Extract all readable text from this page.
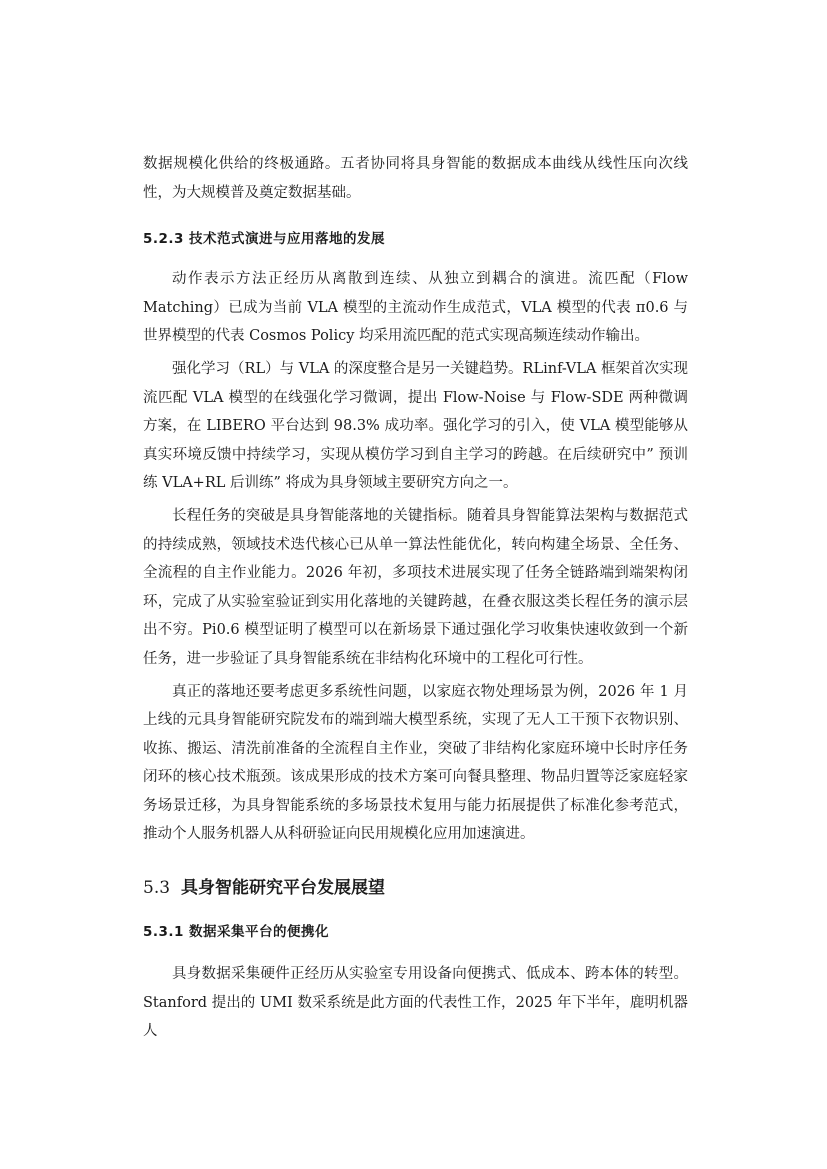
数据规模化供给的终极通路。五者协同将具身智能的数据成本曲线从线性压向次线性，为大规模普及奠定数据基础。

5.2.3 技术范式演进与应用落地的发展

动作表示方法正经历从离散到连续、从独立到耦合的演进。流匹配（Flow Matching）已成为当前 VLA 模型的主流动作生成范式，VLA 模型的代表 π0.6 与世界模型的代表 Cosmos Policy 均采用流匹配的范式实现高频连续动作输出。

强化学习（RL）与 VLA 的深度整合是另一关键趋势。RLinf-VLA 框架首次实现流匹配 VLA 模型的在线强化学习微调，提出 Flow-Noise 与 Flow-SDE 两种微调方案，在 LIBERO 平台达到 98.3% 成功率。强化学习的引入，使 VLA 模型能够从真实环境反馈中持续学习，实现从模仿学习到自主学习的跨越。在后续研究中” 预训练 VLA+RL 后训练” 将成为具身领域主要研究方向之一。

长程任务的突破是具身智能落地的关键指标。随着具身智能算法架构与数据范式的持续成熟，领域技术迭代核心已从单一算法性能优化，转向构建全场景、全任务、全流程的自主作业能力。2026 年初，多项技术进展实现了任务全链路端到端架构闭环，完成了从实验室验证到实用化落地的关键跨越，在叠衣服这类长程任务的演示层出不穷。Pi0.6 模型证明了模型可以在新场景下通过强化学习收集快速收敛到一个新任务，进一步验证了具身智能系统在非结构化环境中的工程化可行性。

真正的落地还要考虑更多系统性问题，以家庭衣物处理场景为例，2026 年 1 月上线的元具身智能研究院发布的端到端大模型系统，实现了无人工干预下衣物识别、收拣、搬运、清洗前准备的全流程自主作业，突破了非结构化家庭环境中长时序任务闭环的核心技术瓶颈。该成果形成的技术方案可向餐具整理、物品归置等泛家庭轻家务场景迁移，为具身智能系统的多场景技术复用与能力拓展提供了标准化参考范式，推动个人服务机器人从科研验证向民用规模化应用加速演进。

5.3 具身智能研究平台发展展望
5.3.1 数据采集平台的便携化

具身数据采集硬件正经历从实验室专用设备向便携式、低成本、跨本体的转型。Stanford 提出的 UMI 数采系统是此方面的代表性工作，2025 年下半年，鹿明机器人
